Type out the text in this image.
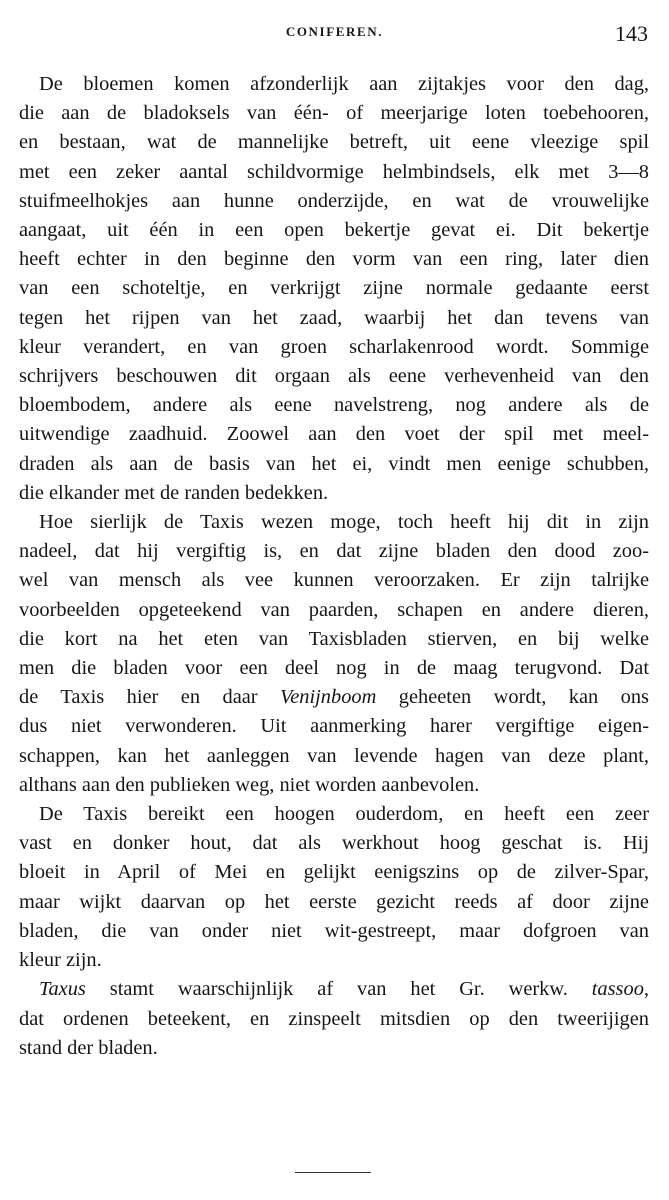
CONIFEREN.	143

De bloemen komen afzonderlijk aan zijtakjes voor den dag,
die aan de bladoksels van één- of meerjarige loten toebehooren,
en bestaan, wat de mannelijke betreft, uit eene vleezige spil
met een zeker aantal schildvormige helmbindsels, elk met 3—8
stuifmeelhokjes aan hunne onderzijde, en wat de vrouwelijke
aangaat, uit één in een open bekertje gevat ei. Dit bekertje
heeft echter in den beginne den vorm van een ring, later dien
van een schoteltje, en verkrijgt zijne normale gedaante eerst
tegen het rijpen van het zaad, waarbij het dan tevens van
kleur verandert, en van groen scharlakenrood wordt. Sommige
schrijvers beschouwen dit orgaan als eene verhevenheid van den
bloembodem, andere als eene navelstreng, nog andere als de
uitwendige zaadhuid. Zoowel aan den voet der spil met meel-
draden als aan de basis van het ei, vindt men eenige schubben,
die elkander met de randen bedekken.

Hoe sierlijk de Taxis wezen moge, toch heeft hij dit in zijn
nadeel, dat hij vergiftig is, en dat zijne bladen den dood zoo-
wel van mensch als vee kunnen veroorzaken. Er zijn talrijke
voorbeelden opgeteekend van paarden, schapen en andere dieren,
die kort na het eten van Taxisbladen stierven, en bij welke
men die bladen voor een deel nog in de maag terugvond. Dat
de Taxis hier en daar Venijnboom geheeten wordt, kan ons
dus niet verwonderen. Uit aanmerking harer vergiftige eigen-
schappen, kan het aanleggen van levende hagen van deze plant,
althans aan den publieken weg, niet worden aanbevolen.

De Taxis bereikt een hoogen ouderdom, en heeft een zeer
vast en donker hout, dat als werkhout hoog geschat is. Hij
bloeit in April of Mei en gelijkt eenigszins op de zilver-Spar,
maar wijkt daarvan op het eerste gezicht reeds af door zijne
bladen, die van onder niet wit-gestreept, maar dofgroen van
kleur zijn.

Taxus stamt waarschijnlijk af van het Gr. werkw. tassoo,
dat ordenen beteekent, en zinspeelt mitsdien op den tweerijigen
stand der bladen.
